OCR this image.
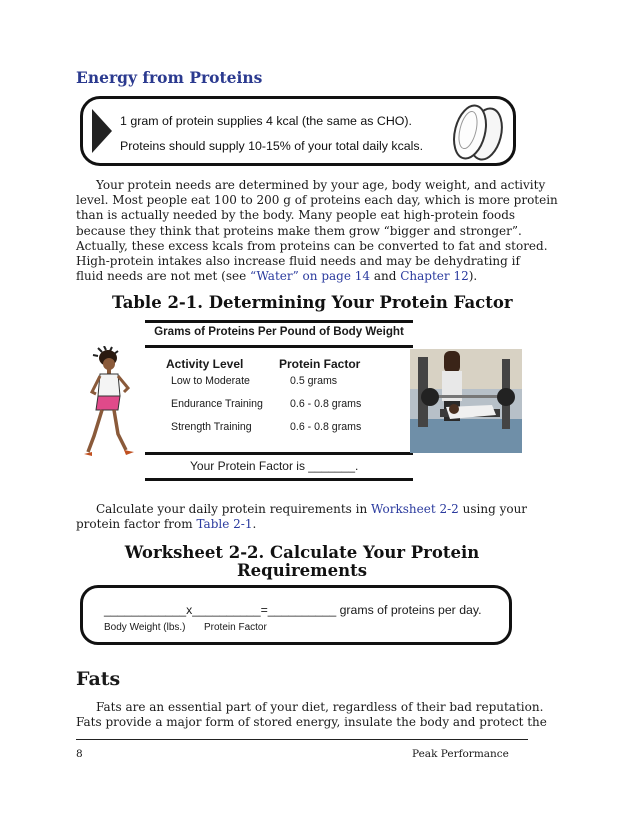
Energy from Proteins
1 gram of protein supplies 4 kcal (the same as CHO).
Proteins should supply 10-15% of your total daily kcals.
Your protein needs are determined by your age, body weight, and activity
level. Most people eat 100 to 200 g of proteins each day, which is more protein
than is actually needed by the body. Many people eat high-protein foods
because they think that proteins make them grow “bigger and stronger”.
Actually, these excess kcals from proteins can be converted to fat and stored.
High-protein intakes also increase fluid needs and may be dehydrating if
fluid needs are not met (see “Water” on page 14 and Chapter 12).
Table 2-1. Determining Your Protein Factor
Grams of Proteins Per Pound of Body Weight
Activity Level	Protein Factor
Low to Moderate	0.5 grams
Endurance Training	0.6 - 0.8 grams
Strength Training	0.6 - 0.8 grams
Your Protein Factor is _______.
Calculate your daily protein requirements in Worksheet 2-2 using your
protein factor from Table 2-1.
Worksheet 2-2. Calculate Your Protein
Requirements
____________x__________=__________ grams of proteins per day.
Body Weight (lbs.) Protein Factor
Fats
Fats are an essential part of your diet, regardless of their bad reputation.
Fats provide a major form of stored energy, insulate the body and protect the
8	Peak Performance
